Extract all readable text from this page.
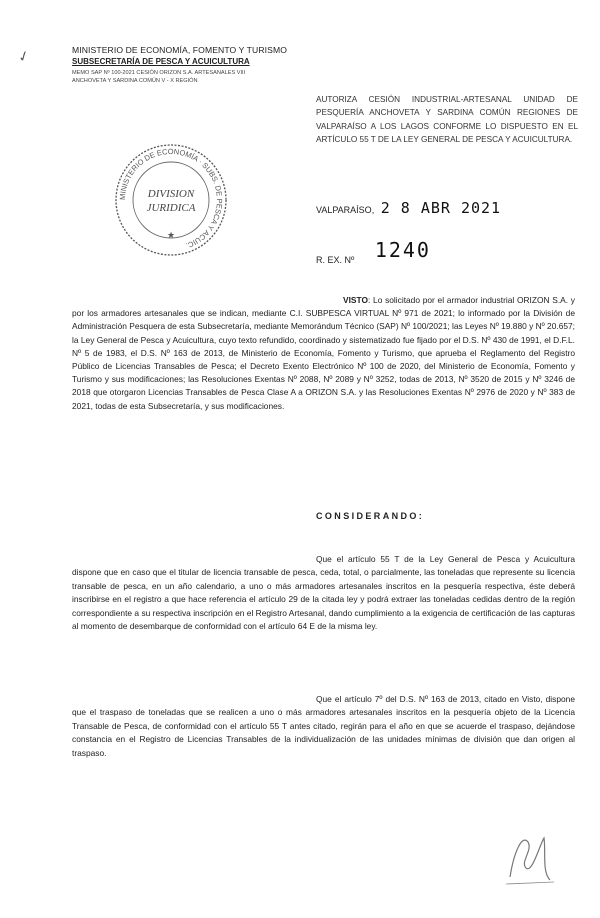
✓	MINISTERIO DE ECONOMÍA, FOMENTO Y TURISMO

SUBSECRETARÍA DE PESCA Y ACUICULTURA

MEMO SAP Nº 100-2021 CESIÓN ORIZON S.A. ARTESANALES VIII

ANCHOVETA Y SARDINA COMÚN V - X REGIÓN

AUTORIZA CESIÓN INDUSTRIAL-ARTESANAL UNIDAD DE PESQUERÍA ANCHOVETA Y SARDINA COMÚN REGIONES DE VALPARAÍSO A LOS LAGOS CONFORME LO DISPUESTO EN EL ARTÍCULO 55 T DE LA LEY GENERAL DE PESCA Y ACUICULTURA.

MINISTERIO DE ECONOMÍA · SUBS. DE PESCA Y ACUIC.
DIVISION
JURIDICA
★
VALPARAÍSO, 2 8 ABR 2021
R. EX. Nº 1240

VISTO: Lo solicitado por el armador industrial ORIZON S.A. y por los armadores artesanales que se indican, mediante C.I. SUBPESCA VIRTUAL Nº 971 de 2021; lo informado por la División de Administración Pesquera de esta Subsecretaría, mediante Memorándum Técnico (SAP) Nº 100/2021; las Leyes Nº 19.880 y Nº 20.657; la Ley General de Pesca y Acuicultura, cuyo texto refundido, coordinado y sistematizado fue fijado por el D.S. Nº 430 de 1991, el D.F.L. Nº 5 de 1983, el D.S. Nº 163 de 2013, de Ministerio de Economía, Fomento y Turismo, que aprueba el Reglamento del Registro Público de Licencias Transables de Pesca; el Decreto Exento Electrónico Nº 100 de 2020, del Ministerio de Economía, Fomento y Turismo y sus modificaciones; las Resoluciones Exentas Nº 2088, Nº 2089 y Nº 3252, todas de 2013, Nº 3520 de 2015 y Nº 3246 de 2018 que otorgaron Licencias Transables de Pesca Clase A a ORIZON S.A. y las Resoluciones Exentas Nº 2976 de 2020 y Nº 383 de 2021, todas de esta Subsecretaría, y sus modificaciones.

CONSIDERANDO:

Que el artículo 55 T de la Ley General de Pesca y Acuicultura dispone que en caso que el titular de licencia transable de pesca, ceda, total, o parcialmente, las toneladas que represente su licencia transable de pesca, en un año calendario, a uno o más armadores artesanales inscritos en la pesquería respectiva, éste deberá inscribirse en el registro a que hace referencia el artículo 29 de la citada ley y podrá extraer las toneladas cedidas dentro de la región correspondiente a su respectiva inscripción en el Registro Artesanal, dando cumplimiento a la exigencia de certificación de las capturas al momento de desembarque de conformidad con el artículo 64 E de la misma ley.

Que el artículo 7º del D.S. Nº 163 de 2013, citado en Visto, dispone que el traspaso de toneladas que se realicen a uno o más armadores artesanales inscritos en la pesquería objeto de la Licencia Transable de Pesca, de conformidad con el artículo 55 T antes citado, regirán para el año en que se acuerde el traspaso, dejándose constancia en el Registro de Licencias Transables de la individualización de las unidades mínimas de división que dan origen al traspaso.
